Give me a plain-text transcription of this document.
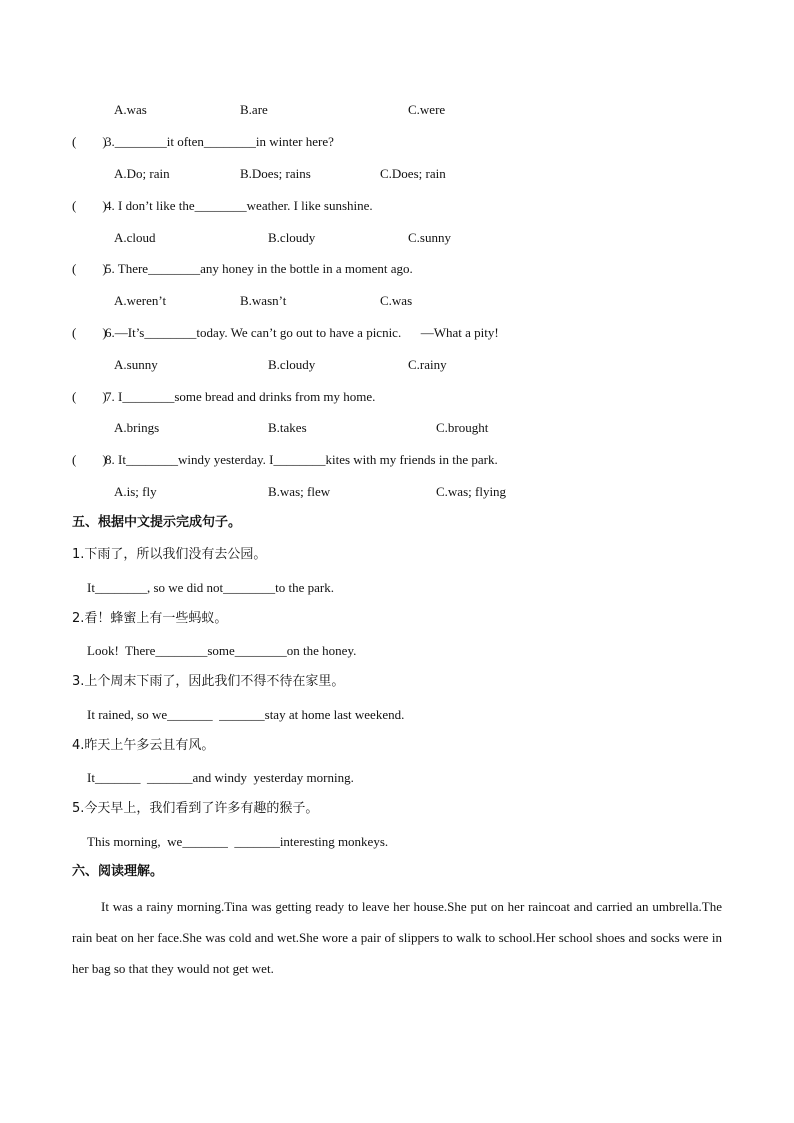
A.was	B.are	C.were
(        )
3.________it often________in winter here?
A.Do; rain	B.Does; rains	C.Does; rain
(        )
4. I don’t like the________weather. I like sunshine.
A.cloud	B.cloudy	C.sunny
(        )
5. There________any honey in the bottle in a moment ago.
A.weren’t	B.wasn’t	C.was
(        )
6.—It’s________today. We can’t go out to have a picnic.      —What a pity!
A.sunny	B.cloudy	C.rainy
(        )
7. I________some bread and drinks from my home.
A.brings	B.takes	C.brought
(        )
8. It________windy yesterday. I________kites with my friends in the park.
A.is; fly	B.was; flew	C.was; flying
五、根据中文提示完成句子。
1.下雨了，所以我们没有去公园。
It________, so we did not________to the park.
2.看！蜂蜜上有一些蚂蚁。
Look!  There________some________on the honey.
3.上个周末下雨了，因此我们不得不待在家里。
It rained, so we_______  _______stay at home last weekend.
4.昨天上午多云且有风。
It_______  _______and windy  yesterday morning.
5.今天早上，我们看到了许多有趣的猴子。
This morning,  we_______  _______interesting monkeys.
六、阅读理解。
It was a rainy morning.Tina was getting ready to leave her house.She put on her raincoat and carried an umbrella.The rain beat on her face.She was cold and wet.She wore a pair of slippers to walk to school.Her school shoes and socks were in her bag so that they would not get wet.
